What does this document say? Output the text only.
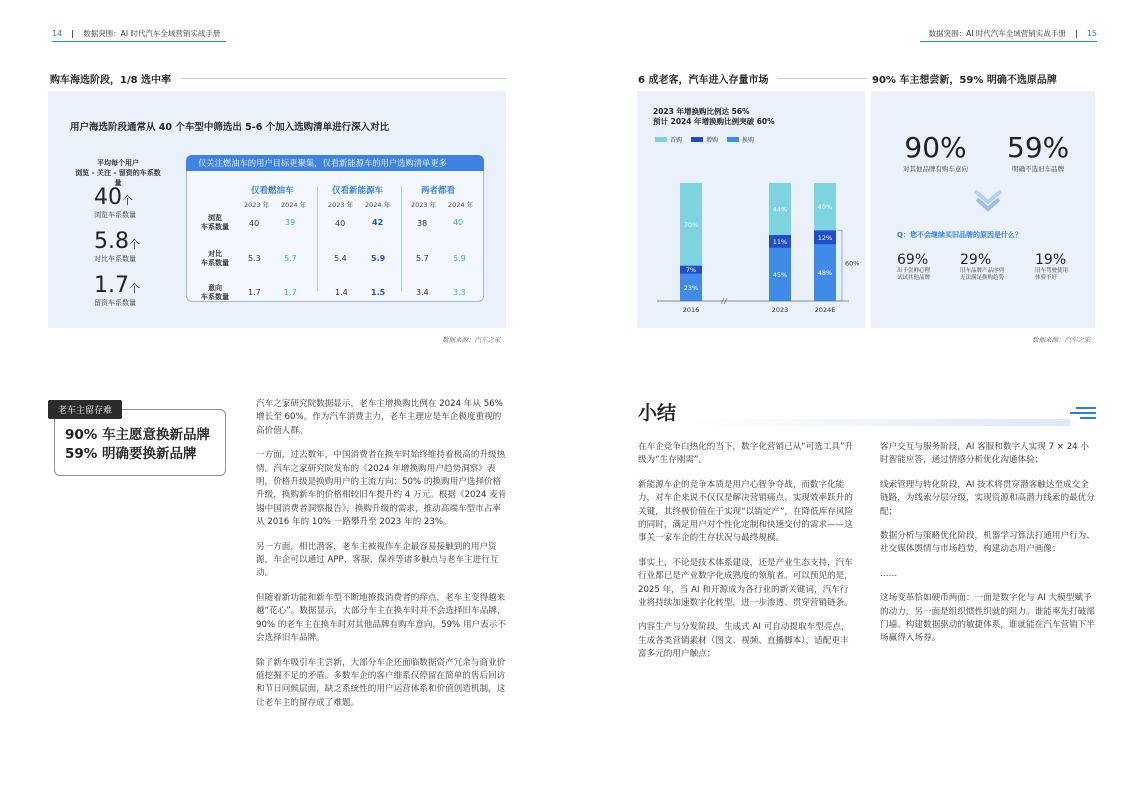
14	数据突围：AI 时代汽车全域营销实战手册	数据突围：AI 时代汽车全域营销实战手册	15
购车海选阶段，1/8 选中率
用户海选阶段通常从 40 个车型中筛选出 5-6 个加入选购清单进行深入对比
平均每个用户
浏览 - 关注 - 留资的车系数量
40个
浏览车系数量
5.8个
对比车系数量
1.7个
留资车系数量
仅关注燃油车的用户目标更聚集，仅看新能源车的用户选购清单更多
仅看燃油车	仅看新能源车	两者都看
2023 年 2024 年	2023 年 2024 年	2023 年 2024 年
浏览
车系数量	40	39	40	42	38	40
对比
车系数量	5.3	5.7	5.4	5.9	5.7	5.9
意向
车系数量	1.7	1.7	1.4	1.5	3.4	3.3
数据来源：汽车之家
6 成老客，汽车进入存量市场	90% 车主想尝新，59% 明确不选原品牌
2023 年增换购比例达 56%
预计 2024 年增换购比例突破 60%
首购	增购	换购
23%
7%
70%
45%
11%
44%
48%
12%
40%
60%
2016	2023	2024E
90%
对其他品牌有购车意向
59%
明确不选旧车品牌
Q：您不会继续买旧品牌的原因是什么？
69%
出于尝鲜心理
试试其他品牌
29%
旧车品牌产品序列
无法满足换购趋势
19%
旧车驾驶使用
体验不好
数据来源：汽车之家
90% 车主愿意换新品牌
59% 明确要换新品牌
老车主留存难

汽车之家研究院数据显示，老车主增换购比例在 2024 年从 56% 增长至 60%。作为汽车消费主力，老车主理应是车企极度重视的高价值人群。

一方面，过去数年，中国消费者在换车时始终维持着极高的升级热情。汽车之家研究院发布的《2024 年增换购用户趋势洞察》表明，价格升级是换购用户的主流方向：50% 的换购用户选择价格升级，换购新车的价格相较旧车提升约 4 万元。根据《2024 麦肯锡中国消费者洞察报告》，换购升级的需求，推动高端车型市占率从 2016 年的 10% 一路攀升至 2023 年的 23%。

另一方面，相比潜客，老车主被视作车企最容易接触到的用户资源，车企可以通过 APP、客服、保养等诸多触点与老车主进行互动。

但随着新功能和新车型不断地撩拨消费者的痒点，老车主变得越来越“花心”。数据显示，大部分车主在换车时并不会选择旧车品牌，90% 的老车主在换车时对其他品牌有购车意向，59% 用户表示不会选择旧车品牌。

除了新车吸引车主尝新，大部分车企还面临数据资产冗余与商业价值挖掘不足的矛盾。多数车企的客户维系仅停留在简单的售后回访和节日问候层面，缺乏系统性的用户运营体系和价值创造机制，这让老车主的留存成了难题。

小结

在车企竞争白热化的当下，数字化营销已从“可选工具”升级为“生存刚需”。

新能源车企的竞争本质是用户心智争夺战，而数字化能力，对车企来说不仅仅是解决营销痛点、实现效率跃升的关键，其终极价值在于实现“以销定产”，在降低库存风险的同时，满足用户对个性化定制和快速交付的需求——这事关一家车企的生存状况与最终规模。

事实上，不论是技术体系建设，还是产业生态支持，汽车行业都已是产业数字化成熟度的领航者。可以预见的是，2025 年，当 AI 和开源成为各行业的新关键词，汽车行业将持续加速数字化转型，进一步渗透、贯穿营销链条。

内容生产与分发阶段，生成式 AI 可自动提取车型亮点，生成各类营销素材（图文、视频、直播脚本），适配更丰富多元的用户触点；

客户交互与服务阶段，AI 客服和数字人实现 7 × 24 小时智能应答，通过情感分析优化沟通体验；

线索管理与转化阶段，AI 技术将贯穿潜客触达至成交全链路，为线索分层分级，实现资源和高潜力线索的最优分配；

数据分析与策略优化阶段，机器学习算法打通用户行为、社交媒体舆情与市场趋势，构建动态用户画像；

……

这场变革恰如硬币两面：一面是数字化与 AI 大模型赋予的动力，另一面是组织惯性织就的阻力。谁能率先打破部门墙、构建数据驱动的敏捷体系，谁就能在汽车营销下半场赢得入场券。
